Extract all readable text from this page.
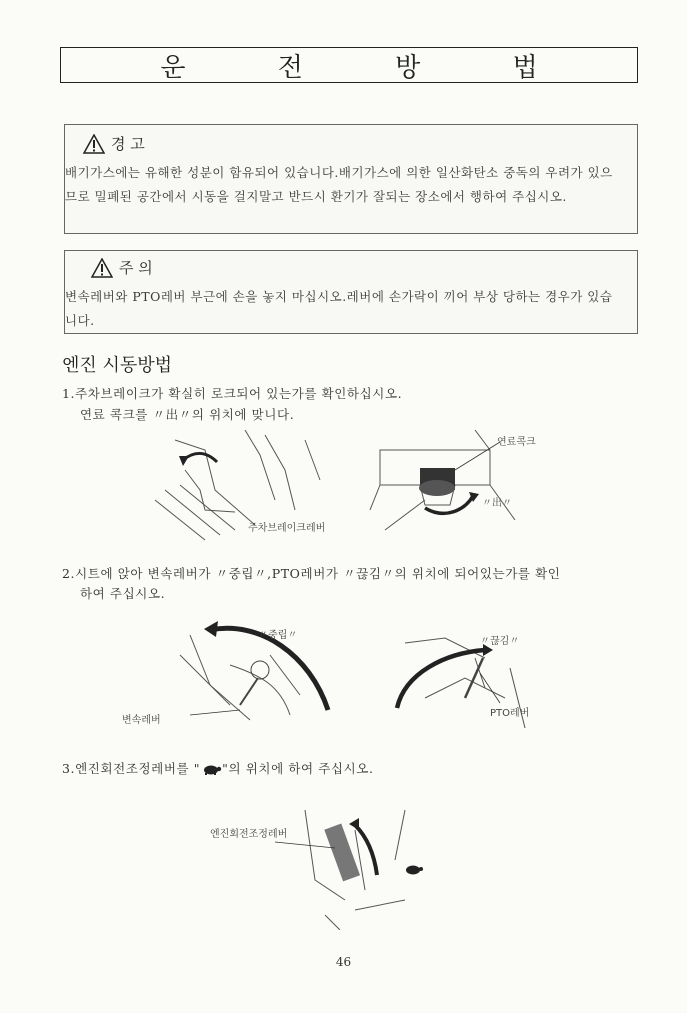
운 전 방 법
경 고
배기가스에는 유해한 성분이 함유되어 있습니다.배기가스에 의한 일산화탄소 중독의 우려가 있으므로 밀폐된 공간에서 시동을 걸지말고 반드시 환기가 잘되는 장소에서 행하여 주십시오.
주 의
변속레버와 PTO레버 부근에 손을 놓지 마십시오.레버에 손가락이 끼어 부상 당하는 경우가 있습니다.
엔진 시동방법
1.주차브레이크가 확실히 로크되어 있는가를 확인하십시오.
연료 콕크를 〃出〃의 위치에 맞니다.
주차브레이크레버
연료콕크
〃出〃
2.시트에 앉아 변속레버가 〃중립〃,PTO레버가 〃끊김〃의 위치에 되어있는가를 확인
하여 주십시오.
〃중립〃
변속레버
〃끊김〃
PTO레버
3.엔진회전조정레버를 " "의 위치에 하여 주십시오.
엔진회전조정레버
46
